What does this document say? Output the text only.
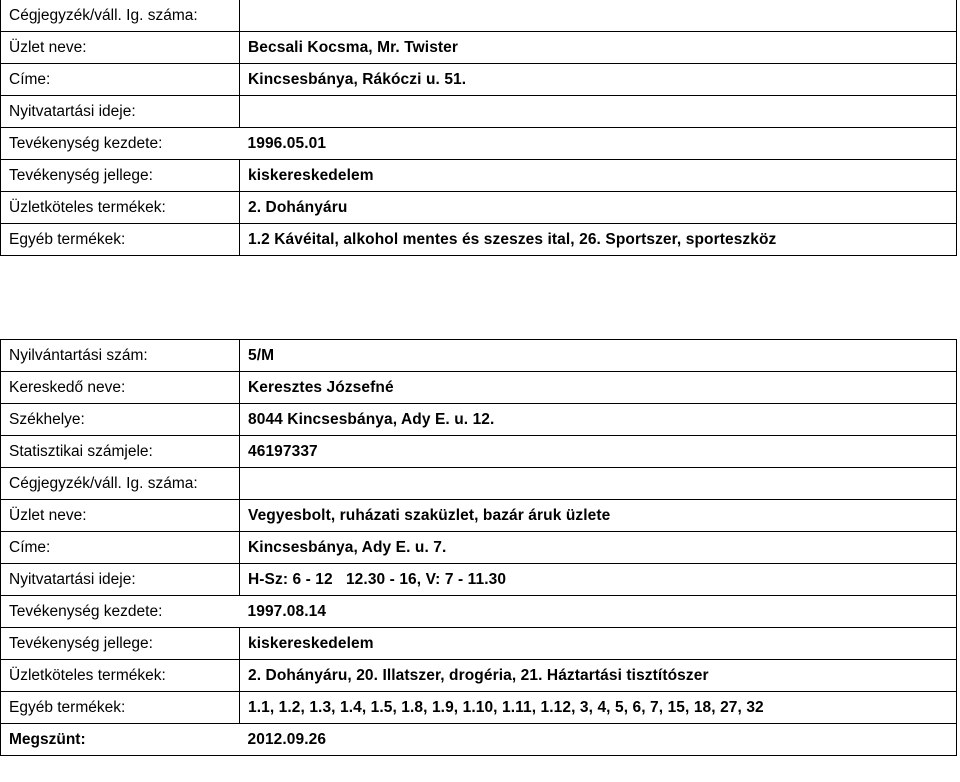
Cégjegyzék/váll. Ig. száma:	
Üzlet neve:	Becsali Kocsma, Mr. Twister
Címe:	Kincsesbánya, Rákóczi u. 51.
Nyitvatartási ideje:	
Tevékenység kezdete:	1996.05.01
Tevékenység jellege:	kiskereskedelem
Üzletköteles termékek:	2. Dohányáru
Egyéb termékek:	1.2 Kávéital, alkohol mentes és szeszes ital, 26. Sportszer, sporteszköz
Nyilvántartási szám:	5/M
Kereskedő neve:	Keresztes Józsefné
Székhelye:	8044 Kincsesbánya, Ady E. u. 12.
Statisztikai számjele:	46197337
Cégjegyzék/váll. Ig. száma:	
Üzlet neve:	Vegyesbolt, ruházati szaküzlet, bazár áruk üzlete
Címe:	Kincsesbánya, Ady E. u. 7.
Nyitvatartási ideje:	H-Sz: 6 - 12   12.30 - 16, V: 7 - 11.30
Tevékenység kezdete:	1997.08.14
Tevékenység jellege:	kiskereskedelem
Üzletköteles termékek:	2. Dohányáru, 20. Illatszer, drogéria, 21. Háztartási tisztítószer
Egyéb termékek:	1.1, 1.2, 1.3, 1.4, 1.5, 1.8, 1.9, 1.10, 1.11, 1.12, 3, 4, 5, 6, 7, 15, 18, 27, 32
Megszünt:	2012.09.26
